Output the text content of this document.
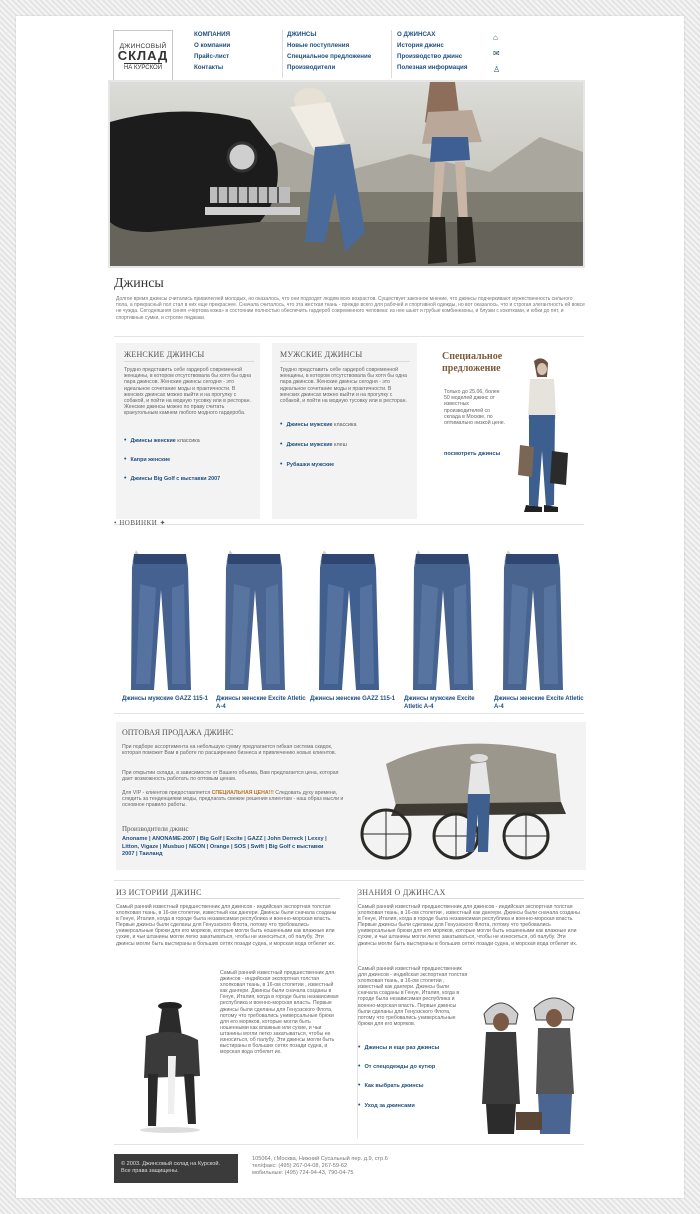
ДЖИНСОВЫЙ
СКЛАД
НА КУРСКОЙ
КОМПАНИЯ
О компании
Прайс-лист
Контакты
ДЖИНСЫ
Новые поступления
Специальное предложение
Производители
О ДЖИНСАХ
История джинс
Производство джинс
Полезная информация
⌂
✉
♙
Джинсы

Долгое время джинсы считались привилегией молодых, но оказалось, что они подходят людям всех возрастов. Существует законное мнение, что джинсы подчеркивают мужественность сильного пола, а прекрасный пол стал в них еще прекраснее. Сначала считалось, что эта жесткая ткань - прежде всего для рабочей и спортивной одежды, но вот оказалось, что и строгая элегантность ей вовсе не чужда. Сегодняшняя синяя «чертова кожа» в состоянии полностью обеспечить гардероб современного человека: из нее шьют и грубые комбинезоны, и блузки с кокетками, и юбки до пят, и спортивные сумки, и строгие пиджаки.

ЖЕНСКИЕ ДЖИНСЫ

Трудно представить себе гардероб современной женщины, в котором отсутствовала бы хотя бы одна пара джинсов. Женские джинсы сегодня - это идеальное сочетание моды и практичности. В женских джинсах можно выйти и на прогулку с собакой, и пойти на модную тусовку или в ресторан. Женские джинсы можно по праву считать краеугольным камнем любого модного гардероба.

• Джинсы женские классика
• Капри женские
• Джинсы Big Golf с выставки 2007
МУЖСКИЕ ДЖИНСЫ

Трудно представить себе гардероб современной женщины, в котором отсутствовала бы хотя бы одна пара джинсов. Женские джинсы сегодня - это идеальное сочетание моды и практичности. В женских джинсах можно выйти и на прогулку с собакой, и пойти на модную тусовку или в ресторан.

• Джинсы мужские классика
• Джинсы мужские клеш
• Рубашки мужские
Специальное предложение

Только до 25.06, более 50 моделей джинс от известных производителей со склада в Москве, по оптимально низкой цене.

посмотреть джинсы
• НОВИНКИ ✦
Джинсы мужские GAZZ 115-1	Джинсы женские Excite Atletic A-4
Джинсы женские GAZZ 115-1	Джинсы мужские Excite Atletic A-4
Джинсы женские Excite Atletic A-4
ОПТОВАЯ ПРОДАЖА ДЖИНС

При подборе ассортимента на небольшую сумму предлагается гибкая система скидок, которая поможет Вам в работе по расширению бизнеса и привлечению новых клиентов.

При открытии склада, в зависимости от Вашего объема, Вам предлагается цена, которая дает возможность работать по оптовым ценам.

Для VIP - клиентов предоставляется СПЕЦИАЛЬНАЯ ЦЕНА!!! Следовать духу времени, следить за тенденциями моды, предлагать свежие решения клиентам - наш образ мысли и основное правило работы.

Производители джинс
Anoname | ANONAME-2007 | Big Golf | Excite | GAZZ | John Derreck | Lexxy | Litton, Vigaze | Musbuo | NEON | Orange | SOS | Swift | Big Golf с выставки 2007 | Таиланд
ИЗ ИСТОРИИ ДЖИНС

Самый ранний известный предшественник для джинсов - индийская экспортная толстая хлопковая ткань, в 16-ом столетии, известный как дангери. Джинсы были сначала созданы в Генуе, Италия, когда в городе была независимая республика и военно-морская власть. Первые джинсы были сделаны для Генуэзского Флота, потому что требовались универсальные брюки для его моряков, которые могли быть ношенными как влажные или сухие, и чьи штанины могли легко закатываться, чтобы не износиться, об палубу. Эти джинсы могли быть выстираны в больших сетях позади судна, и морская вода отбелит их.

Самый ранний известный предшественник для джинсов - индийская экспортная толстая хлопковая ткань, в 16-ом столетии , известный как дангери. Джинсы были сначала созданы в Генуе, Италия, когда в городе была независимая республика и военно-морская власть. Первые джинсы были сделаны для Генуэзского Флота, потому что требовались универсальные брюки для его моряков, которые могли быть ношенными как влажные или сухие, и чьи штанины могли легко закатываться, чтобы не износиться, об палубу. Эти джинсы могли быть выстираны в больших сетях позади судна, и морская вода отбелит их.

ЗНАНИЯ О ДЖИНСАХ

Самый ранний известный предшественник для джинсов - индийская экспортная толстая хлопковая ткань, в 16-ом столетии , известный как дангери. Джинсы были сначала созданы в Генуе, Италия, когда в городе была независимая республика и военно-морская власть. Первые джинсы были сделаны для Генуэзского Флота, потому что требовались универсальные брюки для его моряков, которые могли быть ношенными как влажные или сухие, и чьи штанины могли легко закатываться, чтобы не износиться, об палубу. Эти джинсы могли быть выстираны в больших сетях позади судна, и морская вода отбелит их.

Самый ранний известный предшественник для джинсов - индийская экспортная толстая хлопковая ткань, в 16-ом столетии , известный как дангери. Джинсы были сначала созданы в Генуе, Италия, когда в городе была независимая республика и военно-морская власть. Первые джинсы были сделаны для Генуэзского Флота, потому что требовались универсальные брюки для его моряков.

• Джинсы и еще раз джинсы
• От спецодежды до кутюр
• Как выбрать джинсы
• Уход за джинсами
© 2003. Джинсовый склад на Курской.
Все права защищены.
105064, г.Москва, Нижний Сусальный пер. д.9, стр.6
тел/факс: (495) 267-04-08, 267-59-62
мобильные: (495) 724-94-43, 790-04-75
